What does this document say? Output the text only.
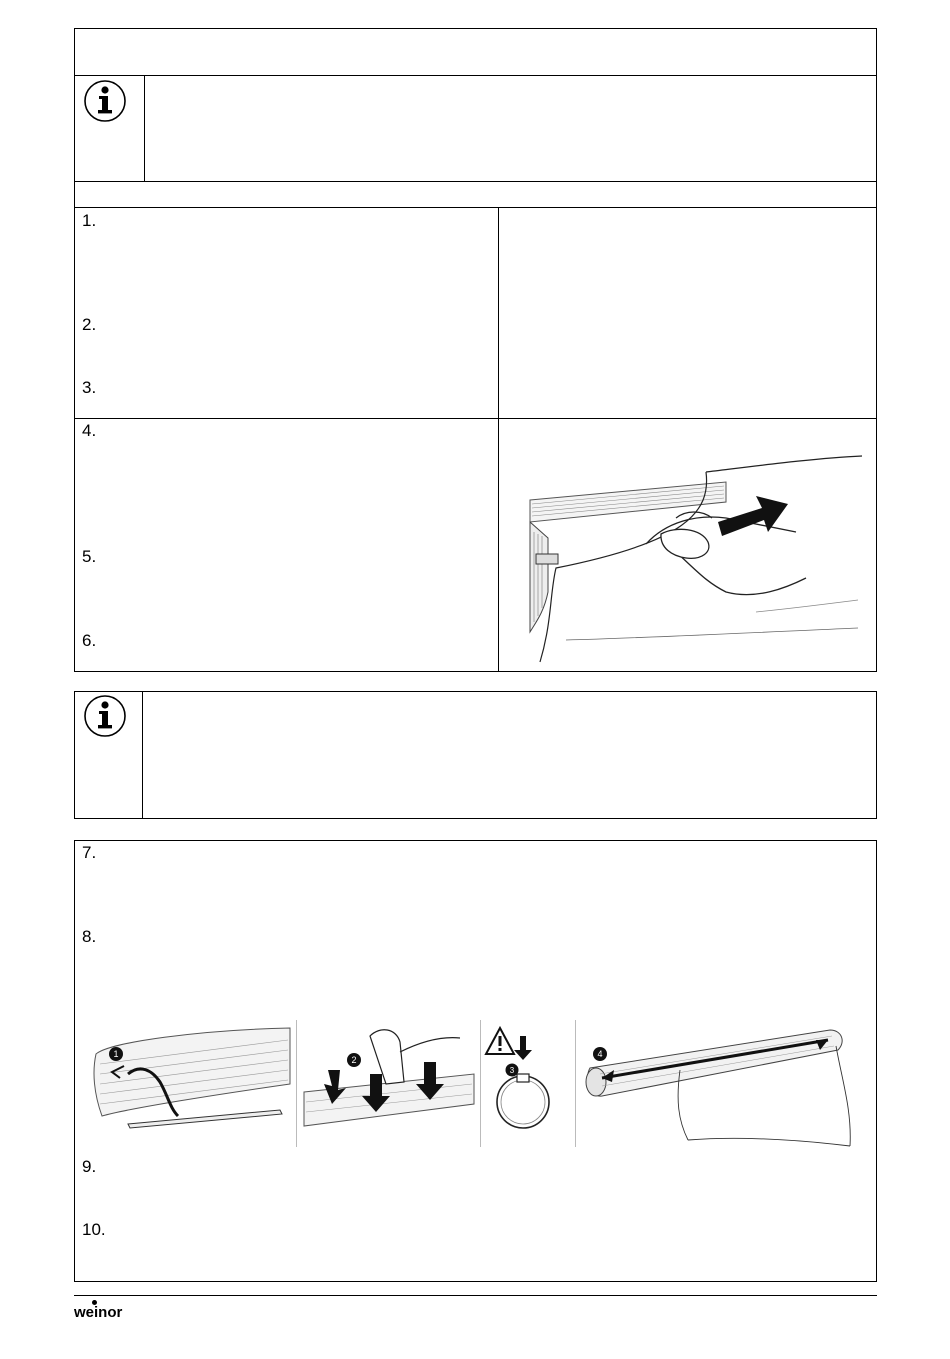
1.
2.
3.
4.
5.
6.
7.
8.
9.
10.
1
2
3
4
weinor
